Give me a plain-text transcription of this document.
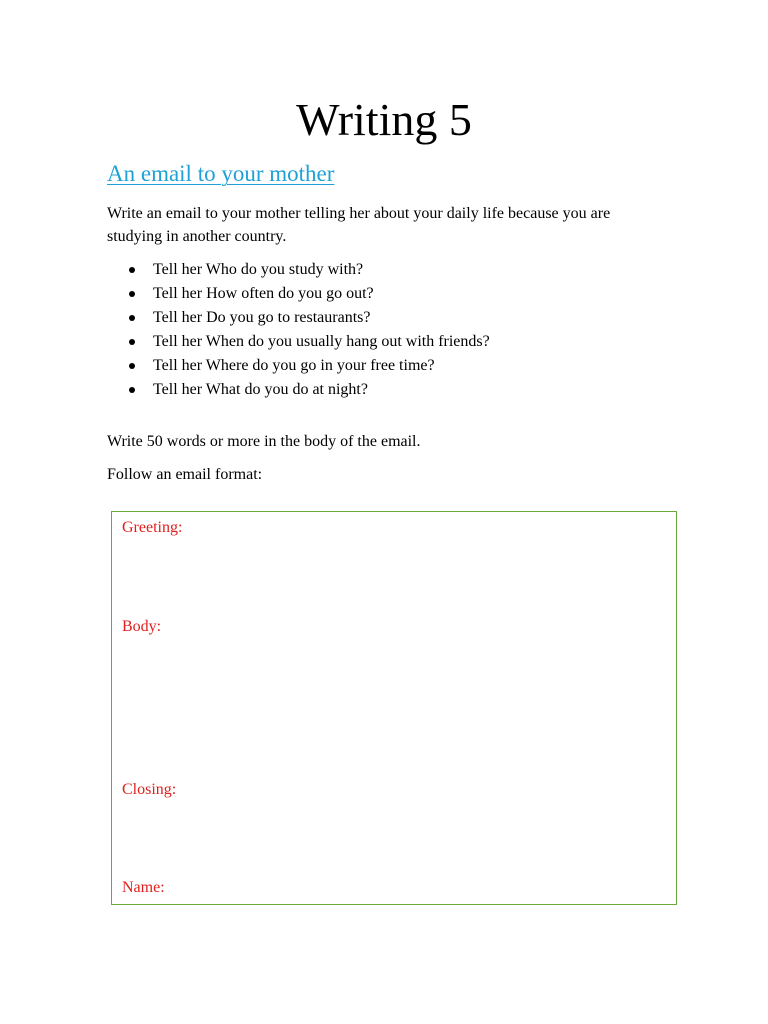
Writing 5

An email to your mother

Write an email to your mother telling her about your daily life because you are studying in another country.

Tell her Who do you study with?
Tell her How often do you go out?
Tell her Do you go to restaurants?
Tell her When do you usually hang out with friends?
Tell her Where do you go in your free time?
Tell her What do you do at night?

Write 50 words or more in the body of the email.

Follow an email format:

Greeting:

Body:

Closing:

Name:
